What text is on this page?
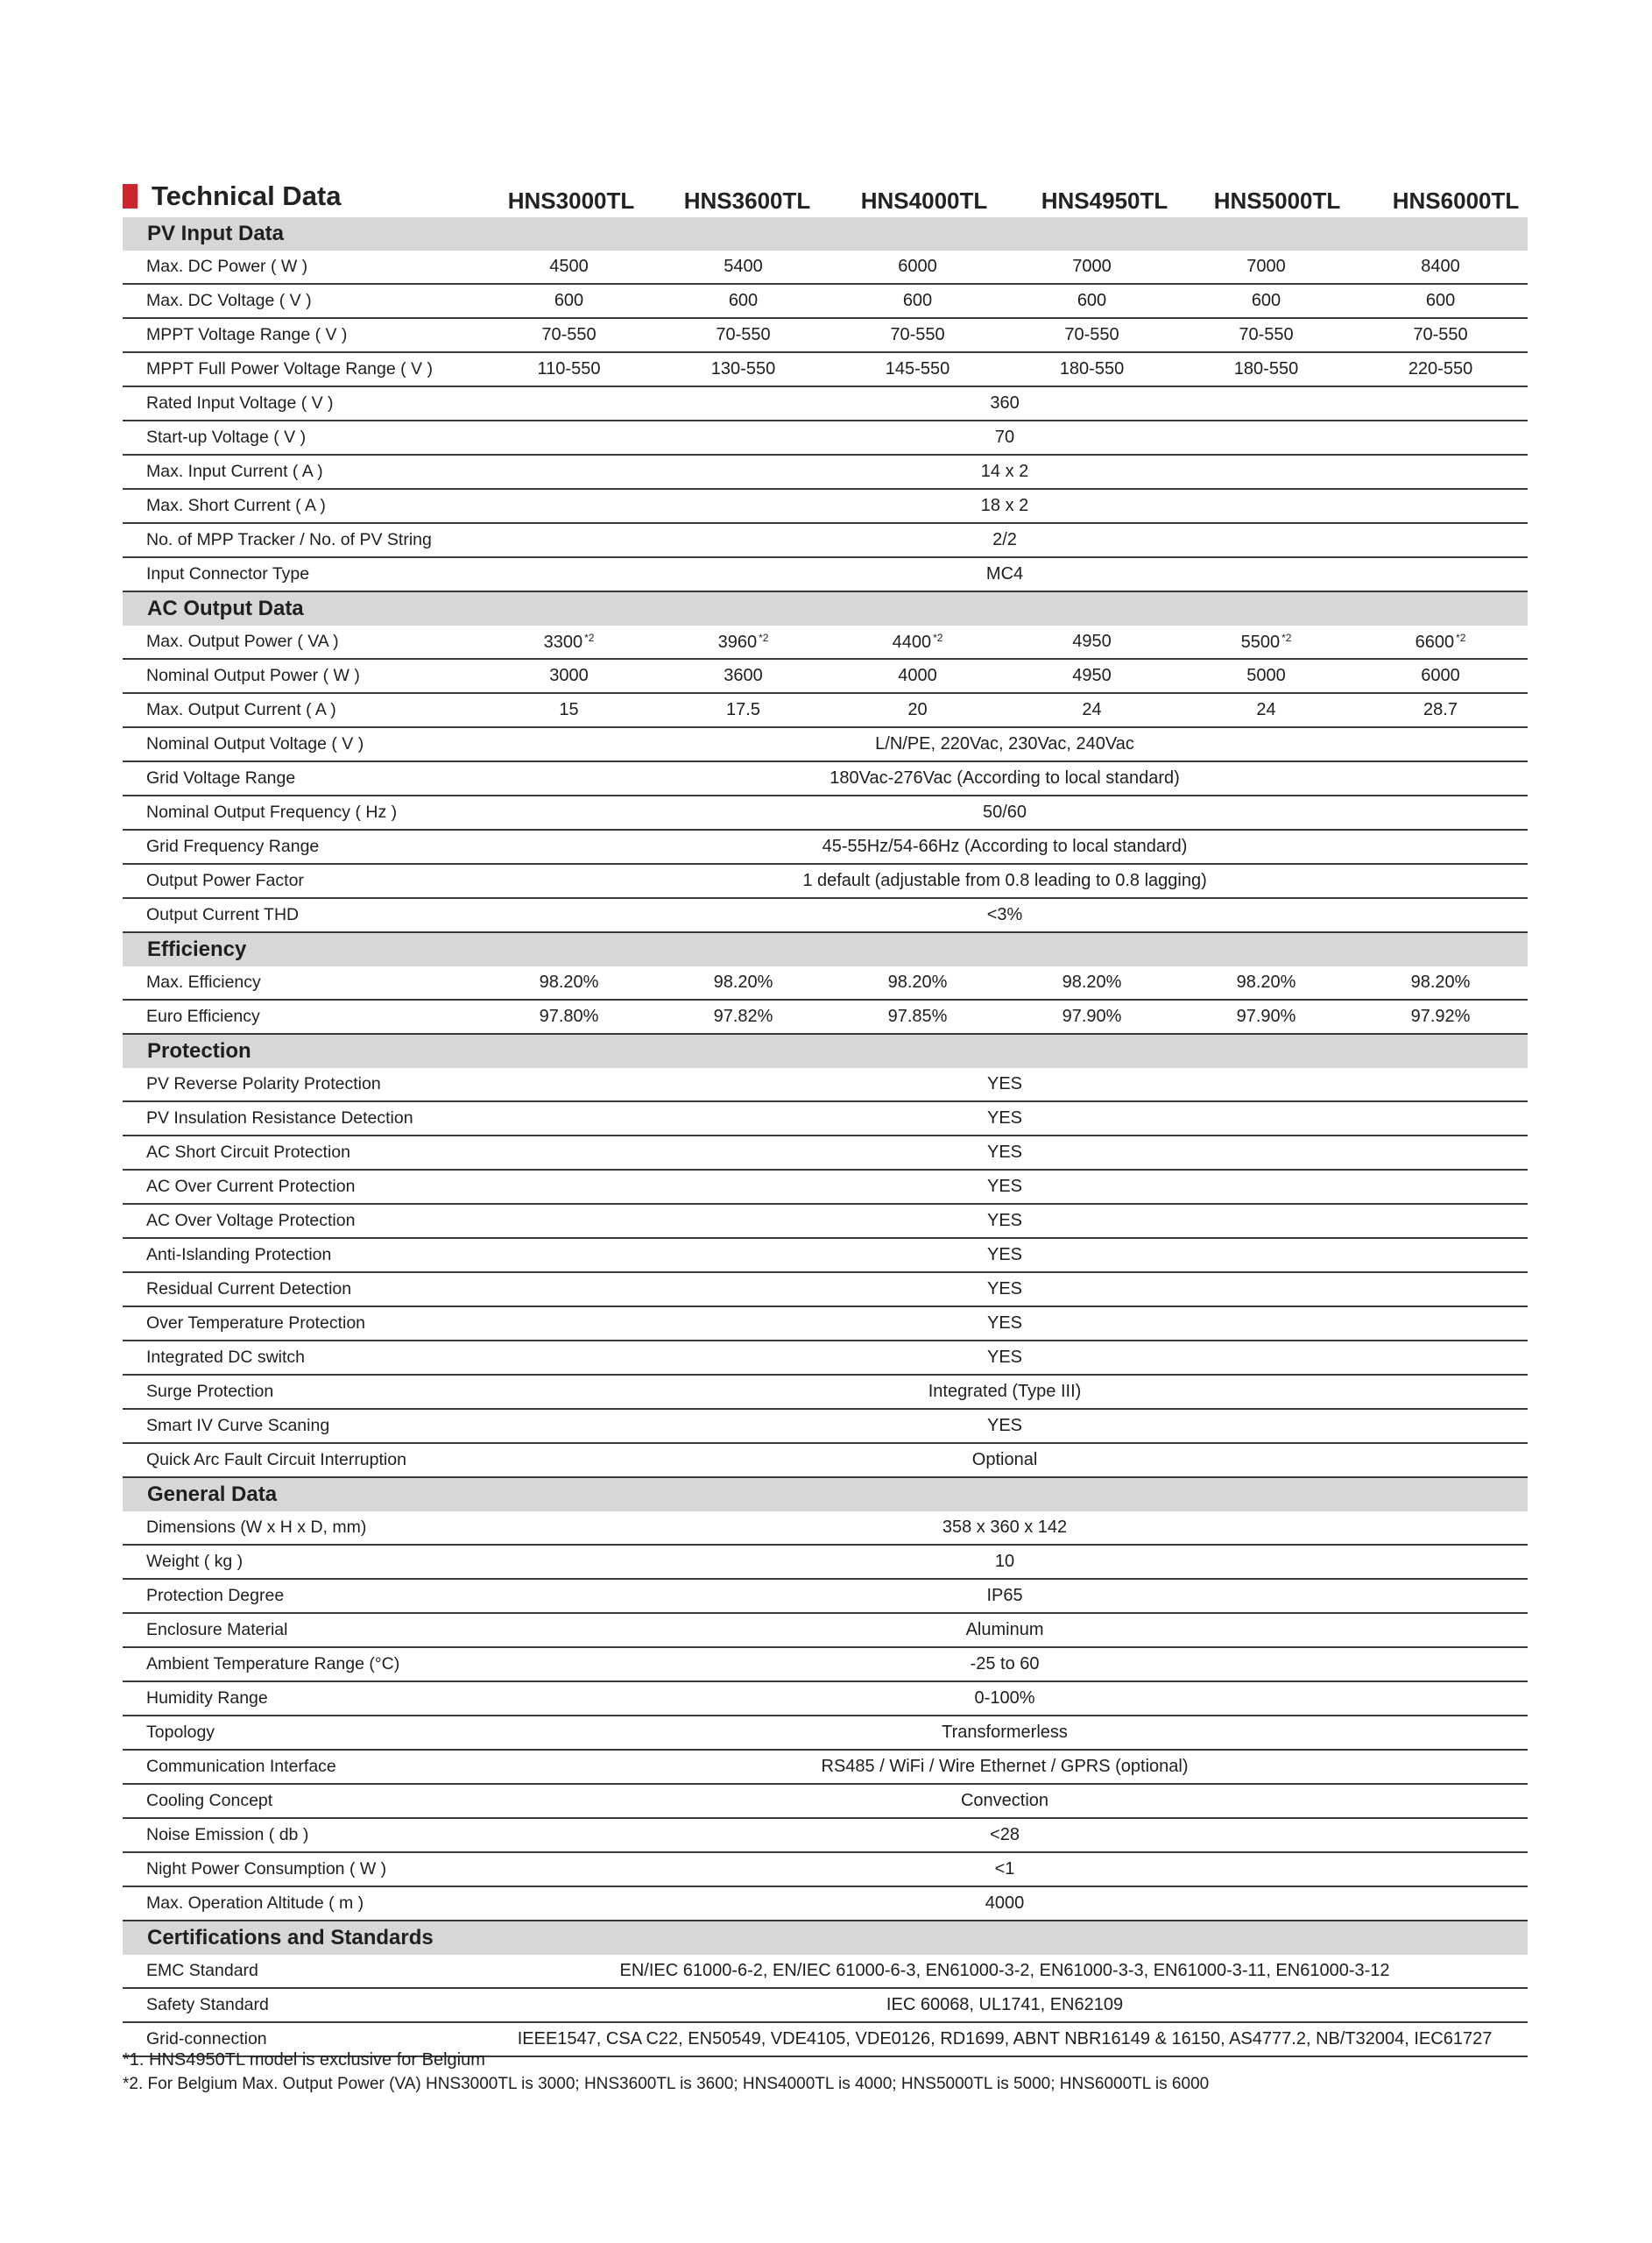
Technical Data	HNS3000TL	HNS3600TL	HNS4000TL	HNS4950TL	HNS5000TL	HNS6000TL
PV Input Data						
Max. DC Power ( W )	4500	5400	6000	7000	7000	8400
Max. DC Voltage ( V )	600	600	600	600	600	600
MPPT Voltage Range ( V )	70-550	70-550	70-550	70-550	70-550	70-550
MPPT Full Power Voltage Range ( V )	110-550	130-550	145-550	180-550	180-550	220-550
Rated Input Voltage ( V )	360					
Start-up Voltage ( V )	70					
Max. Input Current ( A )	14 x 2					
Max. Short Current ( A )	18 x 2					
No. of MPP Tracker / No. of PV String	2/2					
Input Connector Type	MC4					
AC Output Data						
Max. Output Power ( VA )	3300 $^{*2}$	3960 $^{*2}$	4400 $^{*2}$	4950	5500 $^{*2}$	6600 $^{*2}$
Nominal Output Power ( W )	3000	3600	4000	4950	5000	6000
Max. Output Current ( A )	15	17.5	20	24	24	28.7
Nominal Output Voltage ( V )	L/N/PE, 220Vac, 230Vac, 240Vac					
Grid Voltage Range	180Vac-276Vac (According to local standard)					
Nominal Output Frequency ( Hz )	50/60					
Grid Frequency Range	45-55Hz/54-66Hz (According to local standard)					
Output Power Factor	1 default (adjustable from 0.8 leading to 0.8 lagging)					
Output Current THD	<3%					
Efficiency						
Max. Efficiency	98.20%	98.20%	98.20%	98.20%	98.20%	98.20%
Euro Efficiency	97.80%	97.82%	97.85%	97.90%	97.90%	97.92%
Protection						
PV Reverse Polarity Protection	YES					
PV Insulation Resistance Detection	YES					
AC Short Circuit Protection	YES					
AC Over Current Protection	YES					
AC Over Voltage Protection	YES					
Anti-Islanding Protection	YES					
Residual Current Detection	YES					
Over Temperature Protection	YES					
Integrated DC switch	YES					
Surge Protection	Integrated (Type III)					
Smart IV Curve Scaning	YES					
Quick Arc Fault Circuit Interruption	Optional					
General Data						
Dimensions (W x H x D, mm)	358 x 360 x 142					
Weight ( kg )	10					
Protection Degree	IP65					
Enclosure Material	Aluminum					
Ambient Temperature Range (°C)	-25 to 60					
Humidity Range	0-100%					
Topology	Transformerless					
Communication Interface	RS485 / WiFi / Wire Ethernet / GPRS (optional)					
Cooling Concept	Convection					
Noise Emission ( db )	<28					
Night Power Consumption ( W )	<1					
Max. Operation Altitude ( m )	4000					
Certifications and Standards						
EMC Standard	EN/IEC 61000-6-2, EN/IEC 61000-6-3, EN61000-3-2, EN61000-3-3, EN61000-3-11, EN61000-3-12					
Safety Standard	IEC 60068, UL1741, EN62109					
Grid-connection	IEEE1547, CSA C22, EN50549, VDE4105, VDE0126, RD1699, ABNT NBR16149 & 16150, AS4777.2, NB/T32004, IEC61727					
*1. HNS4950TL model is exclusive for Belgium
*2. For Belgium Max. Output Power (VA) HNS3000TL is 3000; HNS3600TL is 3600; HNS4000TL is 4000; HNS5000TL is 5000; HNS6000TL is 6000
